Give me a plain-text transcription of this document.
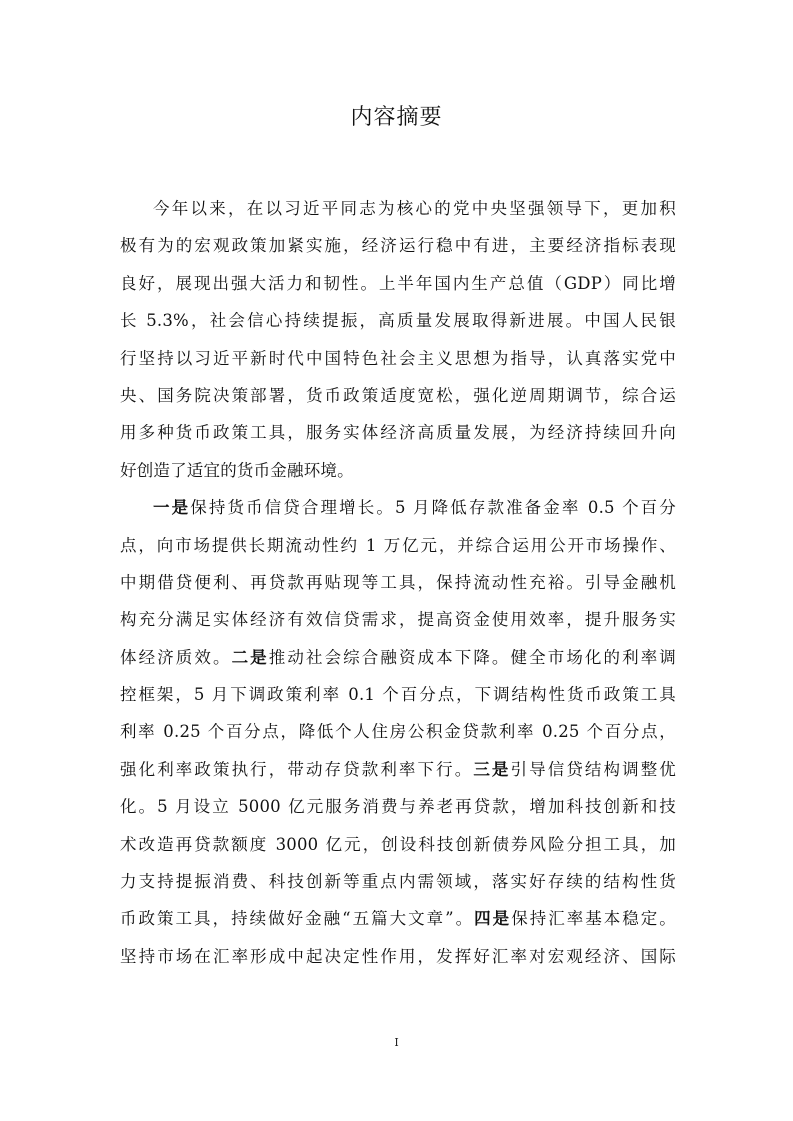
内容摘要
今年以来，在以习近平同志为核心的党中央坚强领导下，更加积
极有为的宏观政策加紧实施，经济运行稳中有进，主要经济指标表现
良好，展现出强大活力和韧性。上半年国内生产总值（GDP）同比增
长 5.3%，社会信心持续提振，高质量发展取得新进展。中国人民银
行坚持以习近平新时代中国特色社会主义思想为指导，认真落实党中
央、国务院决策部署，货币政策适度宽松，强化逆周期调节，综合运
用多种货币政策工具，服务实体经济高质量发展，为经济持续回升向
好创造了适宜的货币金融环境。
一是保持货币信贷合理增长。5 月降低存款准备金率 0.5 个百分
点，向市场提供长期流动性约 1 万亿元，并综合运用公开市场操作、
中期借贷便利、再贷款再贴现等工具，保持流动性充裕。引导金融机
构充分满足实体经济有效信贷需求，提高资金使用效率，提升服务实
体经济质效。二是推动社会综合融资成本下降。健全市场化的利率调
控框架，5 月下调政策利率 0.1 个百分点，下调结构性货币政策工具
利率 0.25 个百分点，降低个人住房公积金贷款利率 0.25 个百分点，
强化利率政策执行，带动存贷款利率下行。三是引导信贷结构调整优
化。5 月设立 5000 亿元服务消费与养老再贷款，增加科技创新和技
术改造再贷款额度 3000 亿元，创设科技创新债券风险分担工具，加
力支持提振消费、科技创新等重点内需领域，落实好存续的结构性货
币政策工具，持续做好金融“五篇大文章”。四是保持汇率基本稳定。
坚持市场在汇率形成中起决定性作用，发挥好汇率对宏观经济、国际
I
